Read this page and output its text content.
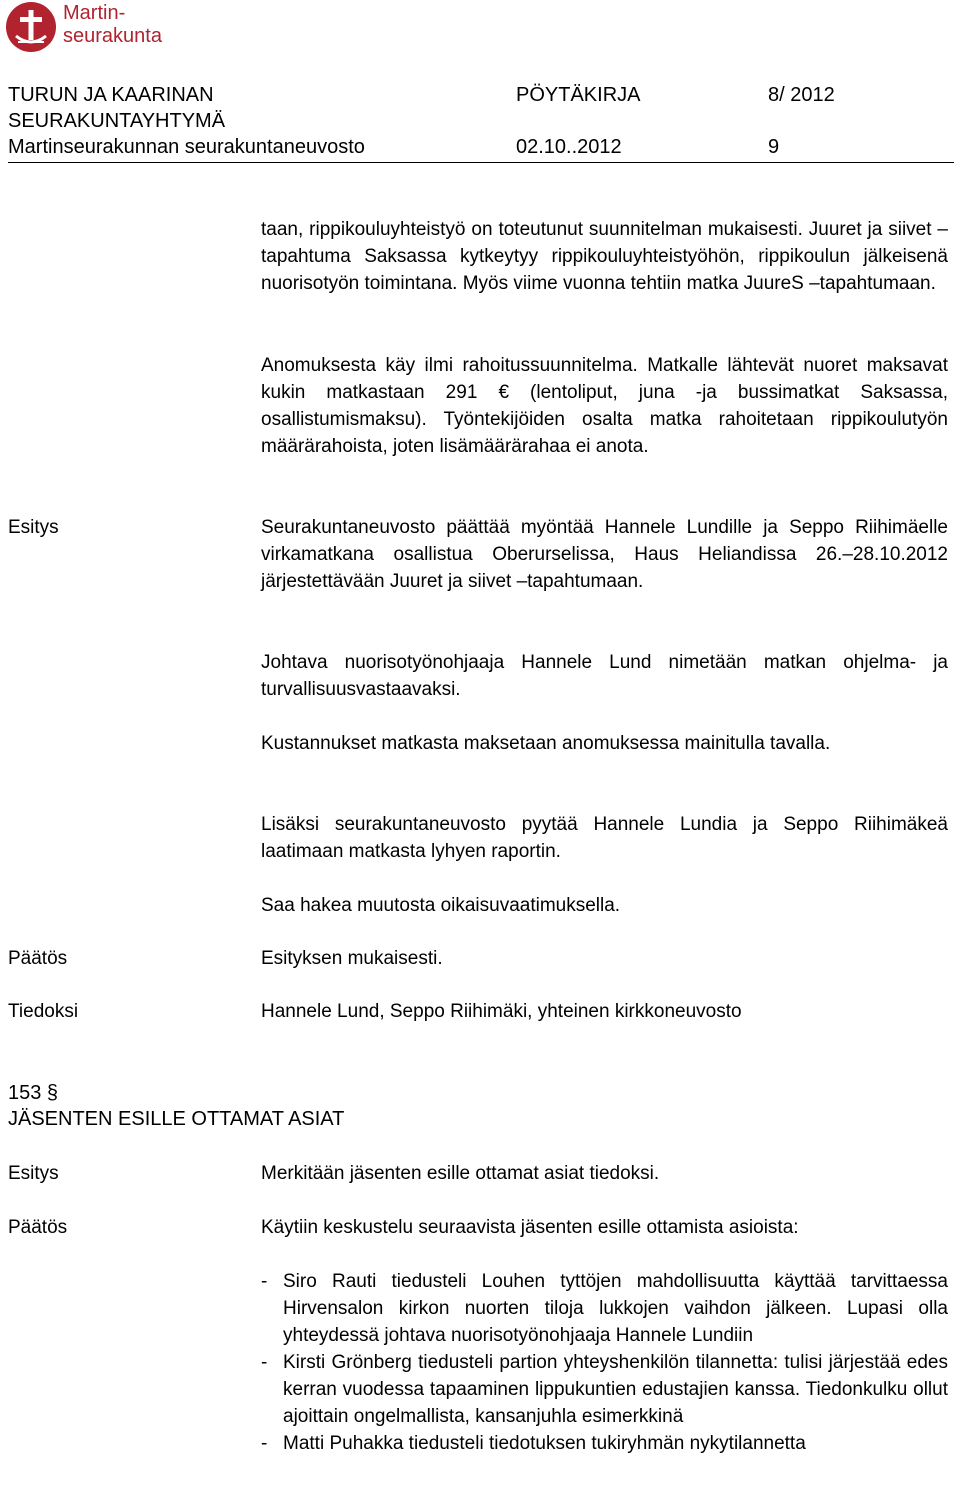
Martin-
seurakunta
TURUN JA KAARINAN	PÖYTÄKIRJA	8/ 2012
SEURAKUNTAYHTYMÄ
Martinseurakunnan seurakuntaneuvosto	02.10..2012	9

taan, rippikouluyhteistyö on toteutunut suunnitelman mukaisesti. Juuret ja siivet –tapahtuma Saksassa kytkeytyy rippikouluyhteistyöhön, rippikoulun jälkeisenä nuorisotyön toimintana. Myös viime vuonna tehtiin matka JuureS –tapahtumaan.

Anomuksesta käy ilmi rahoitussuunnitelma. Matkalle lähtevät nuoret maksavat kukin matkastaan 291 € (lentoliput, juna -ja bussimatkat Saksassa, osallistumismaksu). Työntekijöiden osalta matka rahoitetaan rippikoulutyön määrärahoista, joten lisämäärärahaa ei anota.

Esitys	Seurakuntaneuvosto päättää myöntää Hannele Lundille ja Seppo Riihimäelle virkamatkana osallistua Oberurselissa, Haus Heliandissa 26.–28.10.2012 järjestettävään Juuret ja siivet –tapahtumaan.

Johtava nuorisotyönohjaaja Hannele Lund nimetään matkan ohjelma- ja turvallisuusvastaavaksi.

Kustannukset matkasta maksetaan anomuksessa mainitulla tavalla.

Lisäksi seurakuntaneuvosto pyytää Hannele Lundia ja Seppo Riihimäkeä laatimaan matkasta lyhyen raportin.

Saa hakea muutosta oikaisuvaatimuksella.

Päätös	Esityksen mukaisesti.

Tiedoksi	Hannele Lund, Seppo Riihimäki, yhteinen kirkkoneuvosto

153 §
JÄSENTEN ESILLE OTTAMAT ASIAT
Esitys	Merkitään jäsenten esille ottamat asiat tiedoksi.

Päätös	Käytiin keskustelu seuraavista jäsenten esille ottamista asioista:

- Siro Rauti tiedusteli Louhen tyttöjen mahdollisuutta käyttää tarvittaessa Hirvensalon kirkon nuorten tiloja lukkojen vaihdon jälkeen. Lupasi olla yhteydessä johtava nuorisotyönohjaaja Hannele Lundiin
- Kirsti Grönberg tiedusteli partion yhteyshenkilön tilannetta: tulisi järjestää edes kerran vuodessa tapaaminen lippukuntien edustajien kanssa. Tiedonkulku ollut ajoittain ongelmallista, kansanjuhla esimerkkinä
- Matti Puhakka tiedusteli tiedotuksen tukiryhmän nykytilannetta
